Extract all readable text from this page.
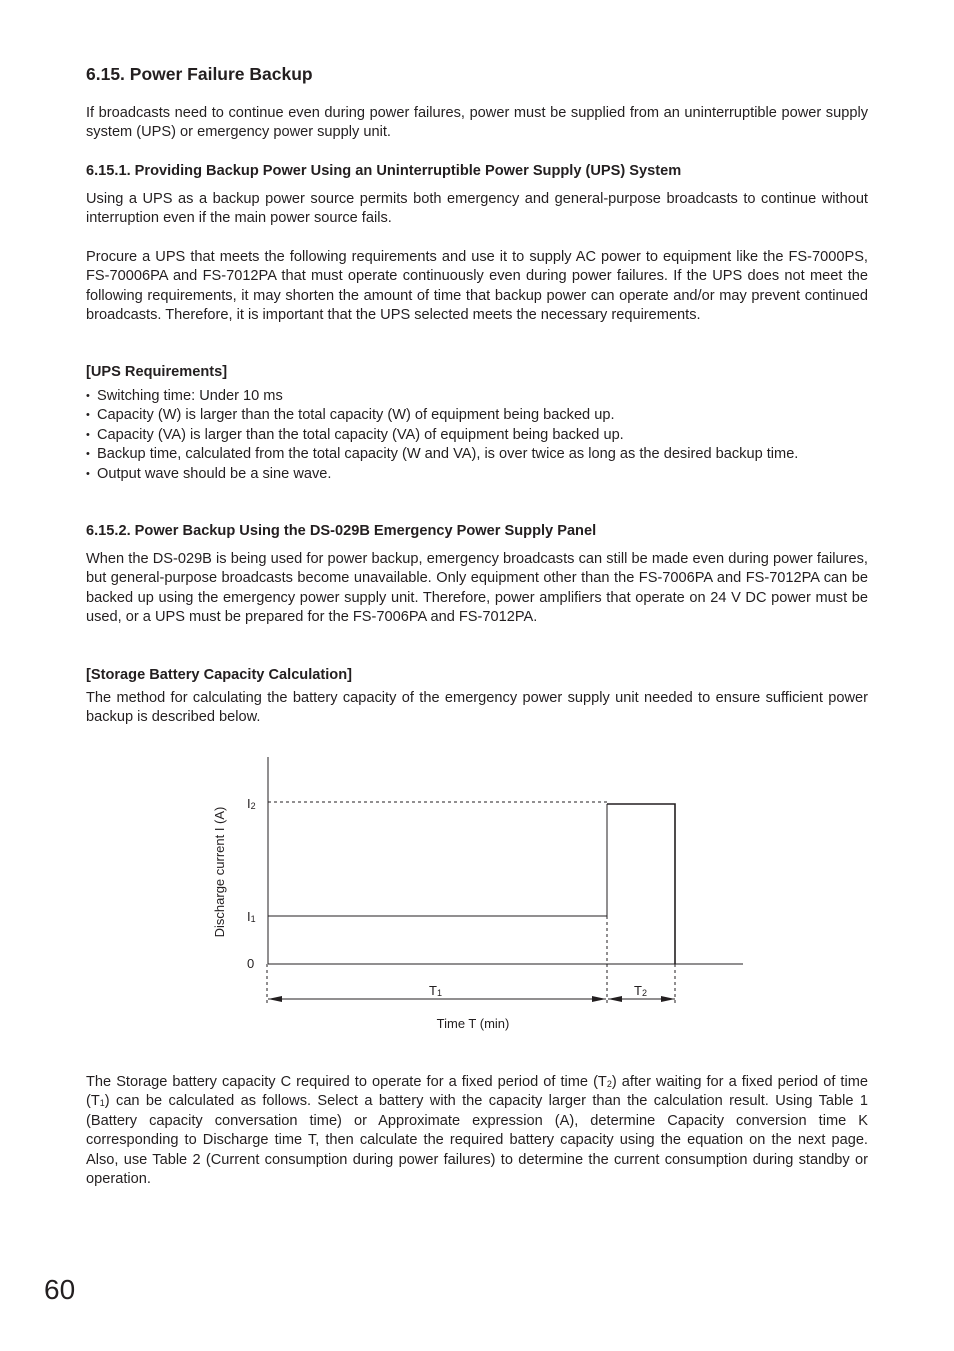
6.15. Power Failure Backup

If broadcasts need to continue even during power failures, power must be supplied from an uninterruptible power supply system (UPS) or emergency power supply unit.

6.15.1. Providing Backup Power Using an Uninterruptible Power Supply (UPS) System

Using a UPS as a backup power source permits both emergency and general-purpose broadcasts to continue without interruption even if the main power source fails.

Procure a UPS that meets the following requirements and use it to supply AC power to equipment like the FS-7000PS, FS-70006PA and FS-7012PA that must operate continuously even during power failures. If the UPS does not meet the following requirements, it may shorten the amount of time that backup power can operate and/or may prevent continued broadcasts. Therefore, it is important that the UPS selected meets the necessary requirements.

[UPS Requirements]
• Switching time: Under 10 ms
• Capacity (W) is larger than the total capacity (W) of equipment being backed up.
• Capacity (VA) is larger than the total capacity (VA) of equipment being backed up.
• Backup time, calculated from the total capacity (W and VA), is over twice as long as the desired backup time.
• Output wave should be a sine wave.
6.15.2. Power Backup Using the DS-029B Emergency Power Supply Panel

When the DS-029B is being used for power backup, emergency broadcasts can still be made even during power failures, but general-purpose broadcasts become unavailable. Only equipment other than the FS-7006PA and FS-7012PA can be backed up using the emergency power supply unit. Therefore, power amplifiers that operate on 24 V DC power must be used, or a UPS must be prepared for the FS-7006PA and FS-7012PA.

[Storage Battery Capacity Calculation]

The method for calculating the battery capacity of the emergency power supply unit needed to ensure sufficient power backup is described below.

The Storage battery capacity C required to operate for a fixed period of time $(T_2)$ after waiting for a fixed period of time $(T_1)$ can be calculated as follows. Select a battery with the capacity larger than the calculation result. Using Table 1 (Battery capacity conversation time) or Approximate expression (A), determine Capacity conversion time K corresponding to Discharge time T, then calculate the required battery capacity using the equation on the next page. Also, use Table 2 (Current consumption during power failures) to determine the current consumption during standby or operation.

I2
I1
0
T1	T2
Time T (min)
Discharge current I (A)
60
